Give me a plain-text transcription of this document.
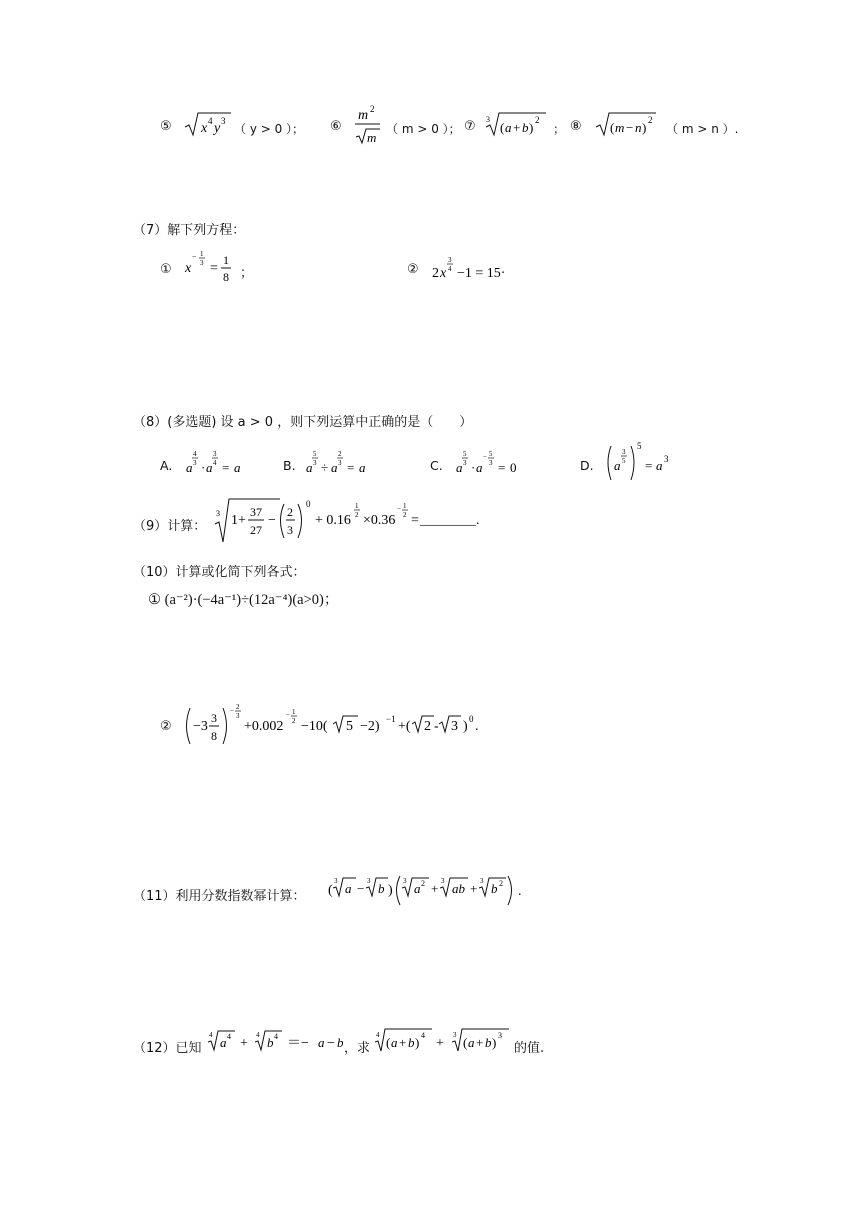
⑤ x 4 y 3
（ y > 0 ）； ⑥
m 2
m
（ m > 0 ）； ⑦ 3
( a + b ) 2
； ⑧ ( m − n ) 2
（ m > n ）.
（7）解下列方程：
① x
− 1
3 =
1
8 ；	② 2 x
3
4 −1 = 15·
（8）(多选题) 设 a > 0 ，则下列运算中正确的是（　　）
A. a
4
3 · a
3
4 = a	B. a
5
3 ÷ a
2
3 = a	C. a
5
3 · a
− 5
3 = 0	D. a
3
5
5
= a 3
（9）计算：
3 1+
37
27
−
2
3
0
+ 0.16
1
2 ×0.36
− 1
2 = ________.
（10）计算或化简下列各式：
① (a⁻²)·(−4a⁻¹)÷(12a⁻⁴)(a>0)；
② −3
3
8
− 2
3
+0.002
− 1
2 −10( 5 −2) −1 +( 2 - 3 ) 0 .
（11）利用分数指数幂计算： (
3 a − 3 b )
3 a 2 + 3 ab + 3 b 2
.
（12）已知
4 a 4 +
4 b 4 ＝− a − b ，求
4 ( a + b ) 4
+
3 ( a + b ) 3
的值.
